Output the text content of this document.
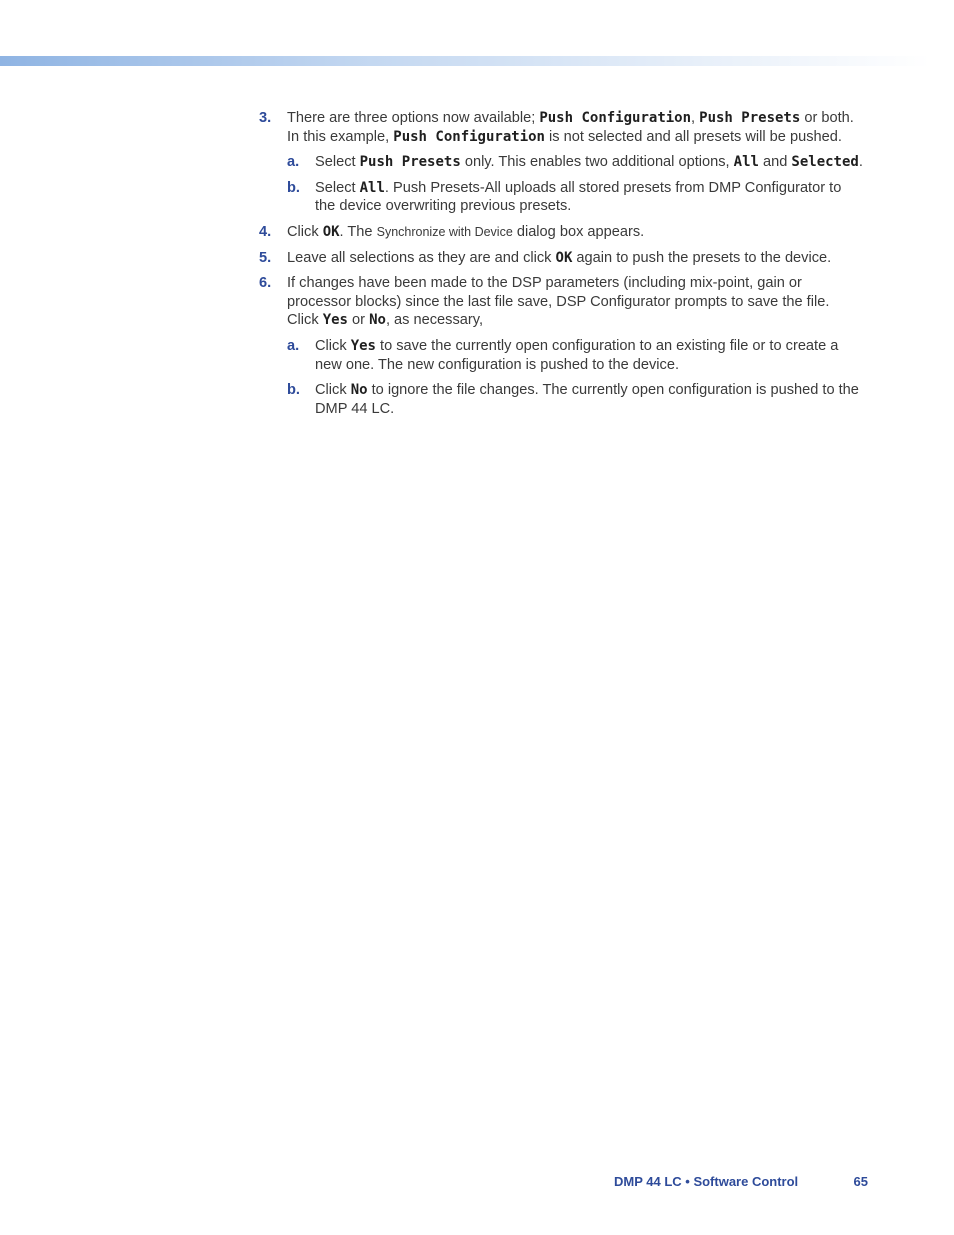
3. There are three options now available; Push Configuration, Push Presets or both. In this example, Push Configuration is not selected and all presets will be pushed.
a. Select Push Presets only. This enables two additional options, All and Selected.
b. Select All. Push Presets-All uploads all stored presets from DMP Configurator to the device overwriting previous presets.
4. Click OK. The Synchronize with Device dialog box appears.
5. Leave all selections as they are and click OK again to push the presets to the device.
6. If changes have been made to the DSP parameters (including mix-point, gain or processor blocks) since the last file save, DSP Configurator prompts to save the file. Click Yes or No, as necessary,
a. Click Yes to save the currently open configuration to an existing file or to create a new one. The new configuration is pushed to the device.
b. Click No to ignore the file changes. The currently open configuration is pushed to the DMP 44 LC.
DMP 44 LC • Software Control	65
